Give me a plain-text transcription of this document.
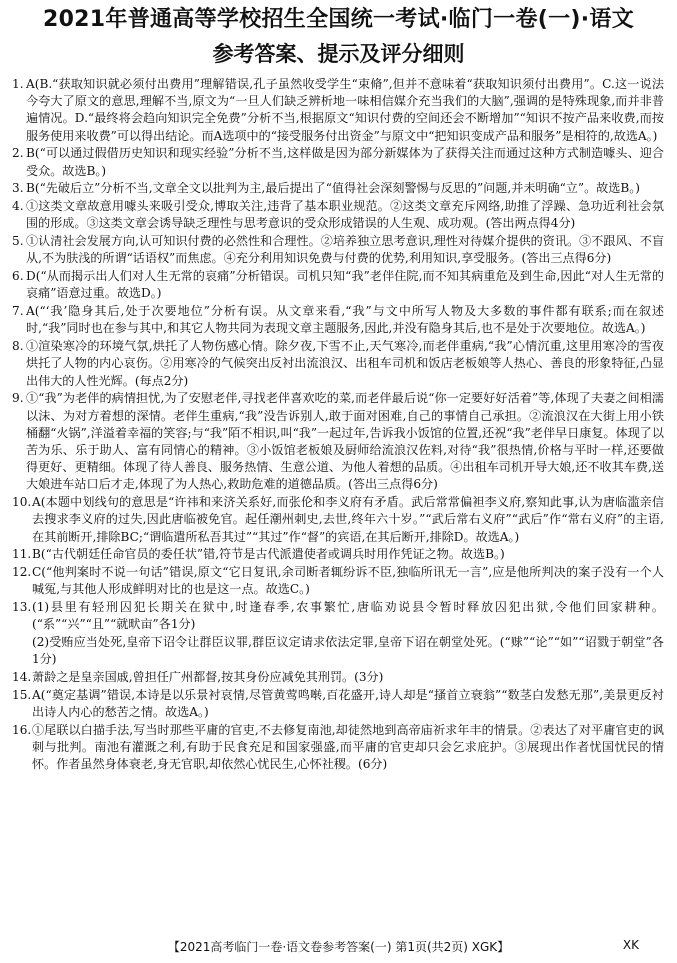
2021年普通高等学校招生全国统一考试·临门一卷(一)·语文
参考答案、提示及评分细则
1. A(B.“获取知识就必须付出费用”理解错误,孔子虽然收受学生“束脩”,但并不意味着“获取知识须付出费用”。C.这一说法今夸大了原文的意思,理解不当,原文为“一旦人们缺乏辨析地一味相信媒介充当我们的大脑”,强调的是特殊现象,而并非普遍情况。D.“最终将会趋向知识完全免费”分析不当,根据原文“知识付费的空间还会不断增加”“知识不按产品来收费,而按服务使用来收费”可以得出结论。而A选项中的“接受服务付出资金”与原文中“把知识变成产品和服务”是相符的,故选A。)
2. B(“可以通过假借历史知识和现实经验”分析不当,这样做是因为部分新媒体为了获得关注而通过这种方式制造噱头、迎合受众。故选B。)
3. B(“先破后立”分析不当,文章全文以批判为主,最后提出了“值得社会深刻警惕与反思的”问题,并未明确“立”。故选B。)
4. ①这类文章故意用噱头来吸引受众,博取关注,违背了基本职业规范。②这类文章充斥网络,助推了浮躁、急功近利社会氛围的形成。③这类文章会诱导缺乏理性与思考意识的受众形成错误的人生观、成功观。(答出两点得4分)
5. ①认清社会发展方向,认可知识付费的必然性和合理性。②培养独立思考意识,理性对待媒介提供的资讯。③不跟风、不盲从,不为肤浅的所谓“话语权”而焦虑。④充分利用知识免费与付费的优势,利用知识,享受服务。(答出三点得6分)
6. D(“从而揭示出人们对人生无常的哀痛”分析错误。司机只知“我”老伴住院,而不知其病重危及到生命,因此“对人生无常的哀痛”语意过重。故选D。)
7. A(“‘我’隐身其后,处于次要地位”分析有误。从文章来看,“我”与文中所写人物及大多数的事件都有联系;而在叙述时,“我”同时也在参与其中,和其它人物共同为表现文章主题服务,因此,并没有隐身其后,也不是处于次要地位。故选A。)
8. ①渲染寒冷的环境气氛,烘托了人物伤感心情。除夕夜,下雪不止,天气寒冷,而老伴重病,“我”心情沉重,这里用寒冷的雪夜烘托了人物的内心哀伤。②用寒冷的气候突出反衬出流浪汉、出租车司机和饭店老板娘等人热心、善良的形象特征,凸显出伟大的人性光辉。(每点2分)
9. ①“我”为老伴的病情担忧,为了安慰老伴,寻找老伴喜欢吃的菜,而老伴最后说“你一定要好好活着”等,体现了夫妻之间相濡以沫、为对方着想的深情。老伴生重病,“我”没告诉别人,敢于面对困难,自己的事情自己承担。②流浪汉在大街上用小铁桶翻“火锅”,洋溢着幸福的笑容;与“我”陌不相识,叫“我”一起过年,告诉我小饭馆的位置,还祝“我”老伴早日康复。体现了以苦为乐、乐于助人、富有同情心的精神。③小饭馆老板娘及厨师给流浪汉佐料,对待“我”很热情,价格与平时一样,还要做得更好、更精细。体现了待人善良、服务热情、生意公道、为他人着想的品质。④出租车司机开导大娘,还不收其车费,送大娘进车站口后才走,体现了为人热心,救助危难的道德品质。(答出三点得6分)
10. A(本题中划线句的意思是“许祎和来济关系好,而张伦和李义府有矛盾。武后常常偏袒李义府,察知此事,认为唐临滥亲信去搜求李义府的过失,因此唐临被免官。起任潮州刺史,去世,终年六十岁。”“武后常右义府”“武后”作“常右义府”的主语,在其前断开,排除BC;“谓临遣所私吾其过”“其过”作“督”的宾语,在其后断开,排除D。故选A。)
11. B(“古代朝廷任命官员的委任状”错,符节是古代派遣使者或调兵时用作凭证之物。故选B。)
12. C(“他判案时不说一句话”错误,原文“它日复讯,余司断者辄纷诉不臣,独临所讯无一言”,应是他所判决的案子没有一个人喊冤,与其他人形成鲜明对比的也是这一点。故选C。)
13. (1)县里有轻刑囚犯长期关在狱中,时逢春季,农事繁忙,唐临劝说县令暂时释放囚犯出狱,令他们回家耕种。(“系”“兴”“且”“就畎亩”各1分)
(2)受贿应当处死,皇帝下诏令让群臣议罪,群臣议定请求依法定罪,皇帝下诏在朝堂处死。(“赇”“论”“如”“诏戮于朝堂”各1分)
14. 萧龄之是皇亲国戚,曾担任广州都督,按其身份应减免其刑罚。(3分)
15. A(“奠定基调”错误,本诗是以乐景衬哀情,尽管黄莺鸣啭,百花盛开,诗人却是“搔首立衰翁”“数茎白发愁无那”,美景更反衬出诗人内心的愁苦之情。故选A。)
16. ①尾联以白描手法,写当时那些平庸的官吏,不去修复南池,却徒然地到高帝庙祈求年丰的情景。②表达了对平庸官吏的讽刺与批判。南池有灌溉之利,有助于民食充足和国家强盛,而平庸的官吏却只会乞求庇护。③展现出作者忧国忧民的情怀。作者虽然身体衰老,身无官职,却依然心忧民生,心怀社稷。(6分)
【2021高考临门一卷·语文卷参考答案(一) 第1页(共2页) XGK】	XK
